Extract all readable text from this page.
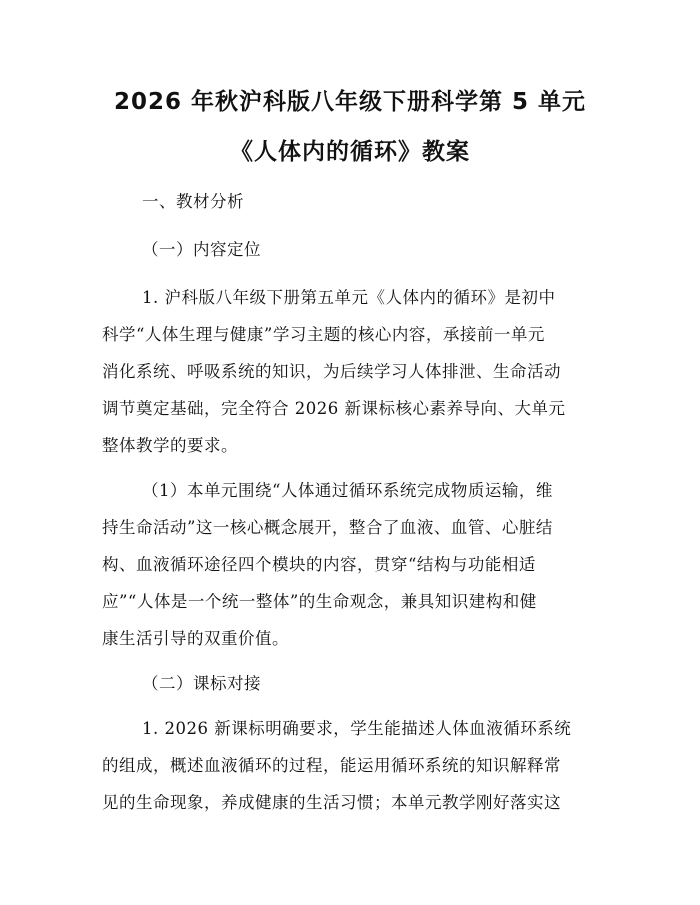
2026 年秋沪科版八年级下册科学第 5 单元
《人体内的循环》教案
一、教材分析
（一）内容定位
1. 沪科版八年级下册第五单元《人体内的循环》是初中
科学“人体生理与健康”学习主题的核心内容，承接前一单元
消化系统、呼吸系统的知识，为后续学习人体排泄、生命活动
调节奠定基础，完全符合 2026 新课标核心素养导向、大单元
整体教学的要求。
（1）本单元围绕“人体通过循环系统完成物质运输，维
持生命活动”这一核心概念展开，整合了血液、血管、心脏结
构、血液循环途径四个模块的内容，贯穿“结构与功能相适
应”“人体是一个统一整体”的生命观念，兼具知识建构和健
康生活引导的双重价值。
（二）课标对接
1. 2026 新课标明确要求，学生能描述人体血液循环系统
的组成，概述血液循环的过程，能运用循环系统的知识解释常
见的生命现象，养成健康的生活习惯；本单元教学刚好落实这
